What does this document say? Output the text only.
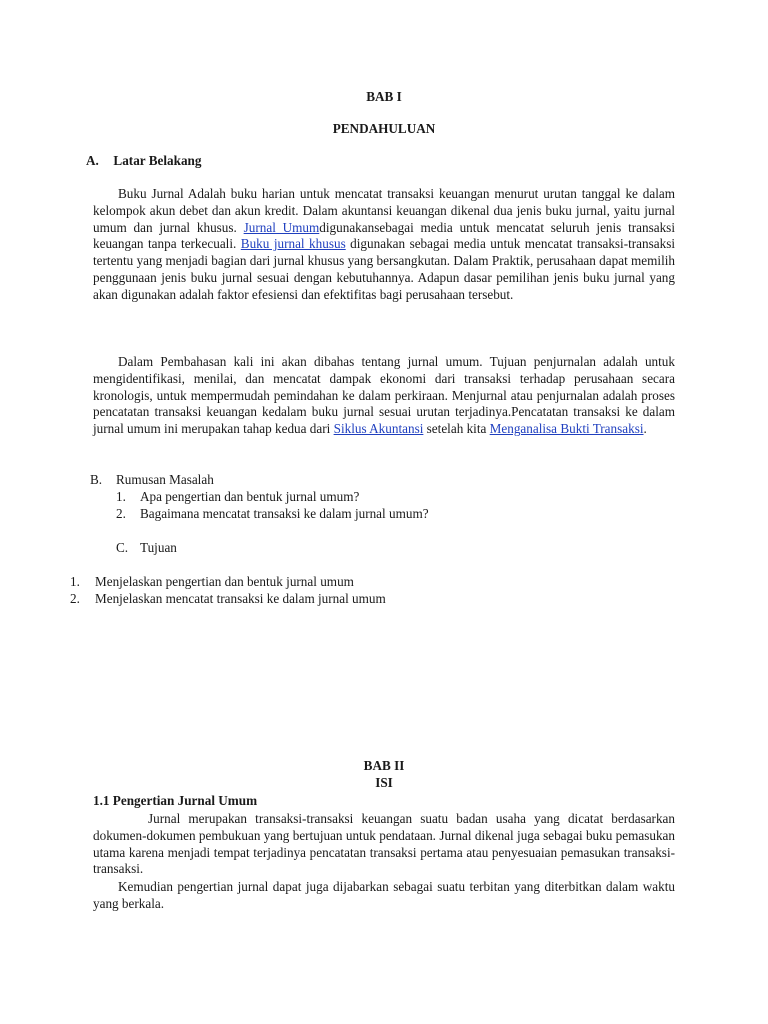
BAB I
PENDAHULUAN
A. Latar Belakang

Buku Jurnal Adalah buku harian untuk mencatat transaksi keuangan menurut urutan tanggal ke dalam kelompok akun debet dan akun kredit. Dalam akuntansi keuangan dikenal dua jenis buku jurnal, yaitu jurnal umum dan jurnal khusus. Jurnal Umumdigunakansebagai media untuk mencatat seluruh jenis transaksi keuangan tanpa terkecuali. Buku jurnal khusus digunakan sebagai media untuk mencatat transaksi-transaksi tertentu yang menjadi bagian dari jurnal khusus yang bersangkutan. Dalam Praktik, perusahaan dapat memilih penggunaan jenis buku jurnal sesuai dengan kebutuhannya. Adapun dasar pemilihan jenis buku jurnal yang akan digunakan adalah faktor efesiensi dan efektifitas bagi perusahaan tersebut.

Dalam Pembahasan kali ini akan dibahas tentang jurnal umum. Tujuan penjurnalan adalah untuk mengidentifikasi, menilai, dan mencatat dampak ekonomi dari transaksi terhadap perusahaan secara kronologis, untuk mempermudah pemindahan ke dalam perkiraan. Menjurnal atau penjurnalan adalah proses pencatatan transaksi keuangan kedalam buku jurnal sesuai urutan terjadinya.Pencatatan transaksi ke dalam jurnal umum ini merupakan tahap kedua dari Siklus Akuntansi setelah kita Menganalisa Bukti Transaksi.

B. Rumusan Masalah
1. Apa pengertian dan bentuk jurnal umum?
2. Bagaimana mencatat transaksi ke dalam jurnal umum?
C. Tujuan
1. Menjelaskan pengertian dan bentuk jurnal umum
2. Menjelaskan mencatat transaksi ke dalam jurnal umum
BAB II
ISI
1.1 Pengertian Jurnal Umum

Jurnal merupakan transaksi-transaksi keuangan suatu badan usaha yang dicatat berdasarkan dokumen-dokumen pembukuan yang bertujuan untuk pendataan. Jurnal dikenal juga sebagai buku pemasukan utama karena menjadi tempat terjadinya pencatatan transaksi pertama atau penyesuaian pemasukan transaksi-transaksi.

Kemudian pengertian jurnal dapat juga dijabarkan sebagai suatu terbitan yang diterbitkan dalam waktu yang berkala.
